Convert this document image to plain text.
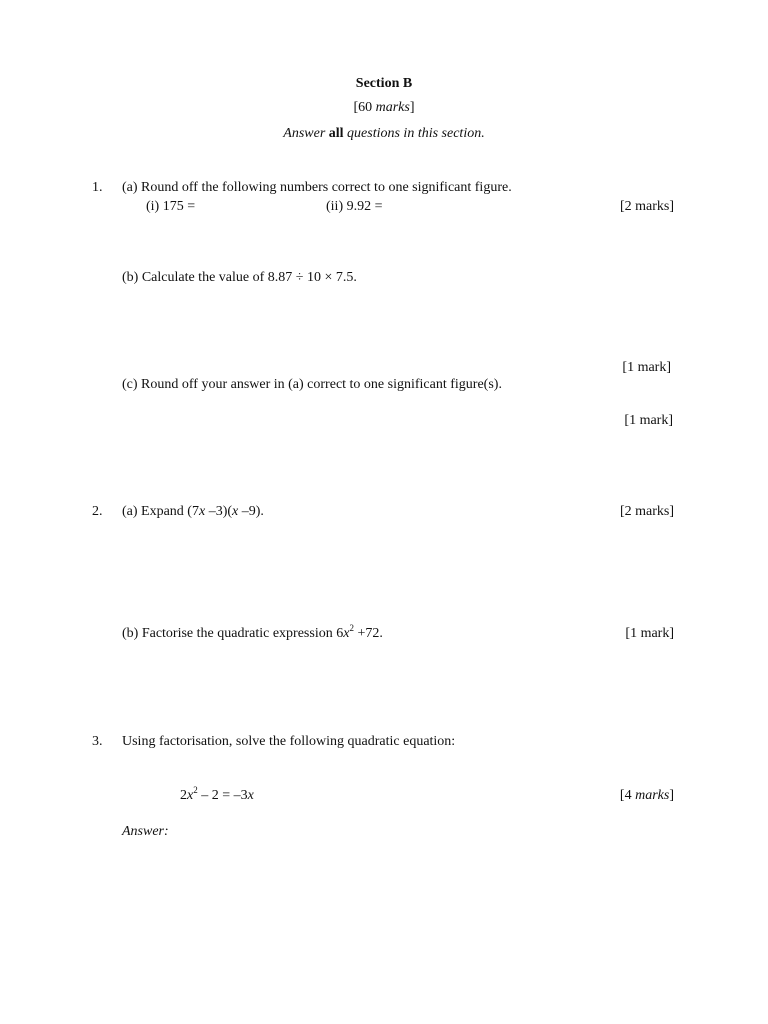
Section B
[60 marks]
Answer all questions in this section.
1. (a) Round off the following numbers correct to one significant figure.
(i) 175 =	(ii) 9.92 =	[2 marks]
(b) Calculate the value of 8.87 ÷ 10 × 7.5.
[1 mark]
(c) Round off your answer in (a) correct to one significant figure(s).
[1 mark]
2. (a) Expand (7x –3)(x –9).	[2 marks]
(b) Factorise the quadratic expression $6x^2 +72$.	[1 mark]
3. Using factorisation, solve the following quadratic equation:
$2x^2 - 2 = -3x$	[4 marks]
Answer:
